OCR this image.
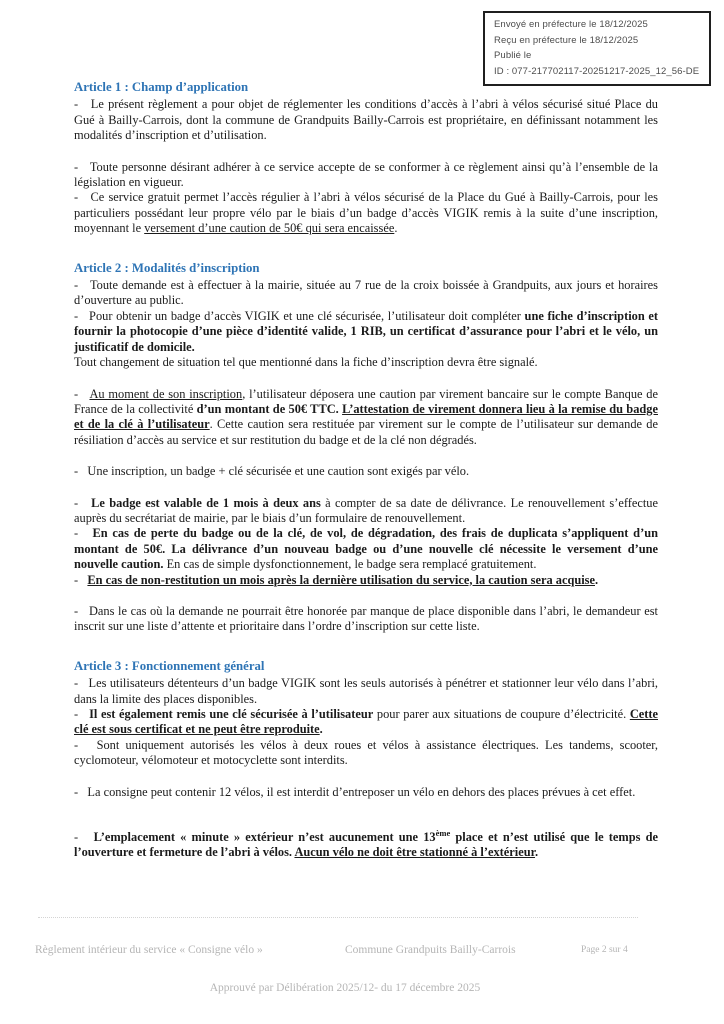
Envoyé en préfecture le 18/12/2025
Reçu en préfecture le 18/12/2025
Publié le
ID : 077-217702117-20251217-2025_12_56-DE
Article 1 : Champ d’application

-   Le présent règlement a pour objet de réglementer les conditions d’accès à l’abri à vélos sécurisé situé Place du Gué à Bailly-Carrois, dont la commune de Grandpuits Bailly-Carrois est propriétaire, en définissant notamment les modalités d’inscription et d’utilisation.

-   Toute personne désirant adhérer à ce service accepte de se conformer à ce règlement ainsi qu’à l’ensemble de la législation en vigueur.

-   Ce service gratuit permet l’accès régulier à l’abri à vélos sécurisé de la Place du Gué à Bailly-Carrois, pour les particuliers possédant leur propre vélo par le biais d’un badge d’accès VIGIK remis à la suite d’une inscription, moyennant le versement d’une caution de 50€ qui sera encaissée.

Article 2 : Modalités d’inscription

-   Toute demande est à effectuer à la mairie, située au 7 rue de la croix boissée à Grandpuits, aux jours et horaires d’ouverture au public.

-   Pour obtenir un badge d’accès VIGIK et une clé sécurisée, l’utilisateur doit compléter une fiche d’inscription et fournir la photocopie d’une pièce d’identité valide, 1 RIB, un certificat d’assurance pour l’abri et le vélo, un justificatif de domicile.

Tout changement de situation tel que mentionné dans la fiche d’inscription devra être signalé.

-   Au moment de son inscription, l’utilisateur déposera une caution par virement bancaire sur le compte Banque de France de la collectivité d’un montant de 50€ TTC. L’attestation de virement donnera lieu à la remise du badge et de la clé à l’utilisateur. Cette caution sera restituée par virement sur le compte de l’utilisateur sur demande de résiliation d’accès au service et sur restitution du badge et de la clé non dégradés.

-   Une inscription, un badge + clé sécurisée et une caution sont exigés par vélo.

-   Le badge est valable de 1 mois à deux ans à compter de sa date de délivrance. Le renouvellement s’effectue auprès du secrétariat de mairie, par le biais d’un formulaire de renouvellement.

-   En cas de perte du badge ou de la clé, de vol, de dégradation, des frais de duplicata s’appliquent d’un montant de 50€. La délivrance d’un nouveau badge ou d’une nouvelle clé nécessite le versement d’une nouvelle caution. En cas de simple dysfonctionnement, le badge sera remplacé gratuitement.

-   En cas de non-restitution un mois après la dernière utilisation du service, la caution sera acquise.

-   Dans le cas où la demande ne pourrait être honorée par manque de place disponible dans l’abri, le demandeur est inscrit sur une liste d’attente et prioritaire dans l’ordre d’inscription sur cette liste.

Article 3 : Fonctionnement général

-   Les utilisateurs détenteurs d’un badge VIGIK sont les seuls autorisés à pénétrer et stationner leur vélo dans l’abri, dans la limite des places disponibles.

-   Il est également remis une clé sécurisée à l’utilisateur pour parer aux situations de coupure d’électricité. Cette clé est sous certificat et ne peut être reproduite.

-   Sont uniquement autorisés les vélos à deux roues et vélos à assistance électriques. Les tandems, scooter, cyclomoteur, vélomoteur et motocyclette sont interdits.

-   La consigne peut contenir 12 vélos, il est interdit d’entreposer un vélo en dehors des places prévues à cet effet.

-   L’emplacement « minute » extérieur n’est aucunement une 13ème place et n’est utilisé que le temps de l’ouverture et fermeture de l’abri à vélos. Aucun vélo ne doit être stationné à l’extérieur.

Règlement intérieur du service « Consigne vélo »	Commune Grandpuits Bailly-Carrois	Page 2 sur 4
Approuvé par Délibération 2025/12- du 17 décembre 2025
